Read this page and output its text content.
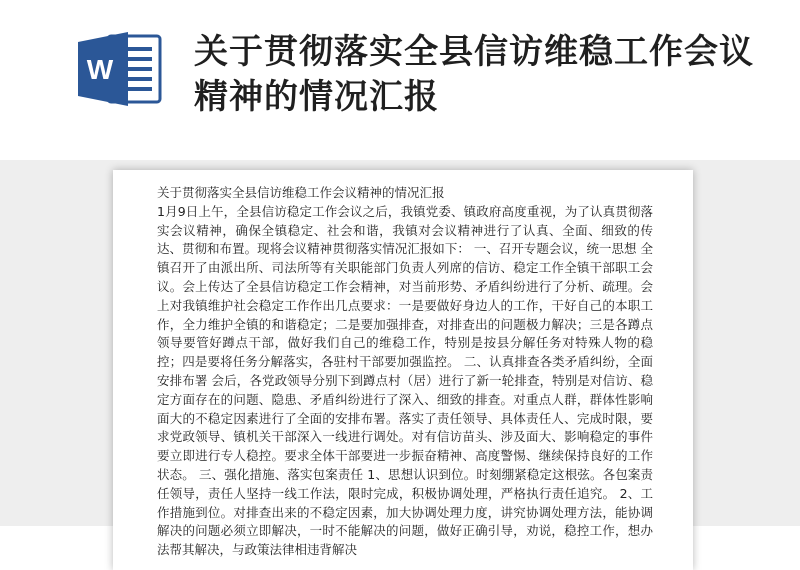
W 关于贯彻落实全县信访维稳工作会议精神的情况汇报
关于贯彻落实全县信访维稳工作会议精神的情况汇报
1月9日上午，全县信访稳定工作会议之后，我镇党委、镇政府高度重视，为了认真贯彻落实会议精神，确保全镇稳定、社会和谐，我镇对会议精神进行了认真、全面、细致的传达、贯彻和布置。现将会议精神贯彻落实情况汇报如下： 一、召开专题会议，统一思想 全镇召开了由派出所、司法所等有关职能部门负责人列席的信访、稳定工作全镇干部职工会议。会上传达了全县信访稳定工作会精神，对当前形势、矛盾纠纷进行了分析、疏理。会上对我镇维护社会稳定工作作出几点要求：一是要做好身边人的工作，干好自己的本职工作，全力维护全镇的和谐稳定；二是要加强排查，对排查出的问题极力解决；三是各蹲点领导要管好蹲点干部，做好我们自己的维稳工作，特别是按县分解任务对特殊人物的稳控；四是要将任务分解落实，各驻村干部要加强监控。 二、认真排查各类矛盾纠纷，全面安排布署 会后，各党政领导分别下到蹲点村（居）进行了新一轮排查，特别是对信访、稳定方面存在的问题、隐患、矛盾纠纷进行了深入、细致的排查。对重点人群，群体性影响面大的不稳定因素进行了全面的安排布署。落实了责任领导、具体责任人、完成时限，要求党政领导、镇机关干部深入一线进行调处。对有信访苗头、涉及面大、影响稳定的事件要立即进行专人稳控。要求全体干部要进一步振奋精神、高度警惕、继续保持良好的工作状态。 三、强化措施、落实包案责任 1、思想认识到位。时刻绷紧稳定这根弦。各包案责任领导，责任人坚持一线工作法，限时完成，积极协调处理，严格执行责任追究。 2、工作措施到位。对排查出来的不稳定因素，加大协调处理力度，讲究协调处理方法，能协调解决的问题必须立即解决，一时不能解决的问题，做好正确引导，劝说，稳控工作，想办法帮其解决，与政策法律相违背解决
